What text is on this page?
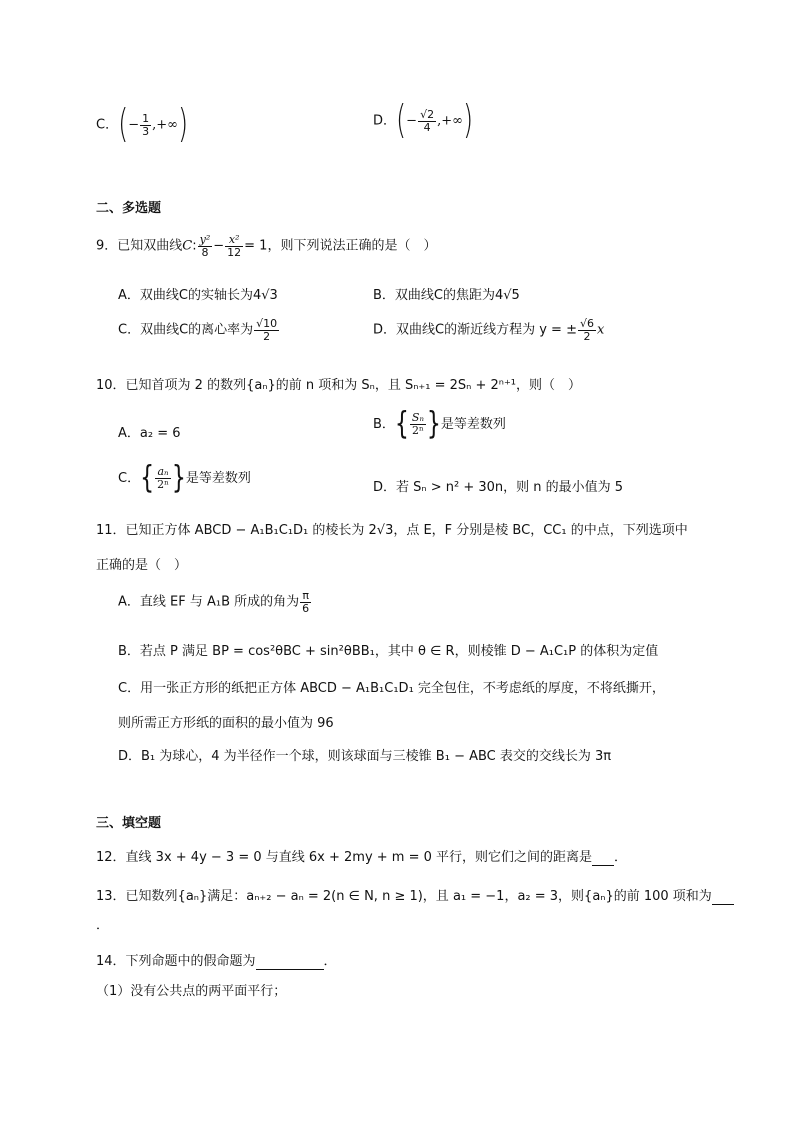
C．(− $\frac{1}{3}$ ,+∞)	D．(− $\frac{√2}{4}$ ,+∞)
二、多选题
9．已知双曲线C: $\frac{\text{y²}}{8} - \frac{\text{x²}}{12} = 1$，则下列说法正确的是（　）
A．双曲线C的实轴长为4√3	B．双曲线C的焦距为4√5
C．双曲线C的离心率为 $\frac{√10}{2}$	D．双曲线C的渐近线方程为 y = ± $\frac{√6}{2}$ x
10．已知首项为 2 的数列{aₙ}的前 n 项和为 Sₙ，且 Sₙ₊₁ = 2Sₙ + 2ⁿ⁺¹，则（　）
A．a₂ = 6
B．{ $\frac{\text{Sₙ}}{\text{2ⁿ}}$ }是等差数列
C．{ $\frac{\text{aₙ}}{\text{2ⁿ}}$ }是等差数列
D．若 Sₙ > n² + 30n，则 n 的最小值为 5
11．已知正方体 ABCD − A₁B₁C₁D₁ 的棱长为 2√3，点 E，F 分别是棱 BC，CC₁ 的中点，下列选项中
正确的是（　）
A．直线 EF 与 A₁B 所成的角为 $\frac{\pi}{6}$
B．若点 P 满足 BP = cos²θBC + sin²θBB₁，其中 θ ∈ R，则棱锥 D − A₁C₁P 的体积为定值
C．用一张正方形的纸把正方体 ABCD − A₁B₁C₁D₁ 完全包住，不考虑纸的厚度，不将纸撕开，
则所需正方形纸的面积的最小值为 96
D．B₁ 为球心，4 为半径作一个球，则该球面与三棱锥 B₁ − ABC 表交的交线长为 3π
三、填空题
12．直线 3x + 4y − 3 = 0 与直线 6x + 2my + m = 0 平行，则它们之间的距离是 ．
13．已知数列{aₙ}满足：aₙ₊₂ − aₙ = 2(n ∈ N, n ≥ 1)，且 a₁ = −1，a₂ = 3，则{aₙ}的前 100 项和为
．
14．下列命题中的假命题为	．
（1）没有公共点的两平面平行；
